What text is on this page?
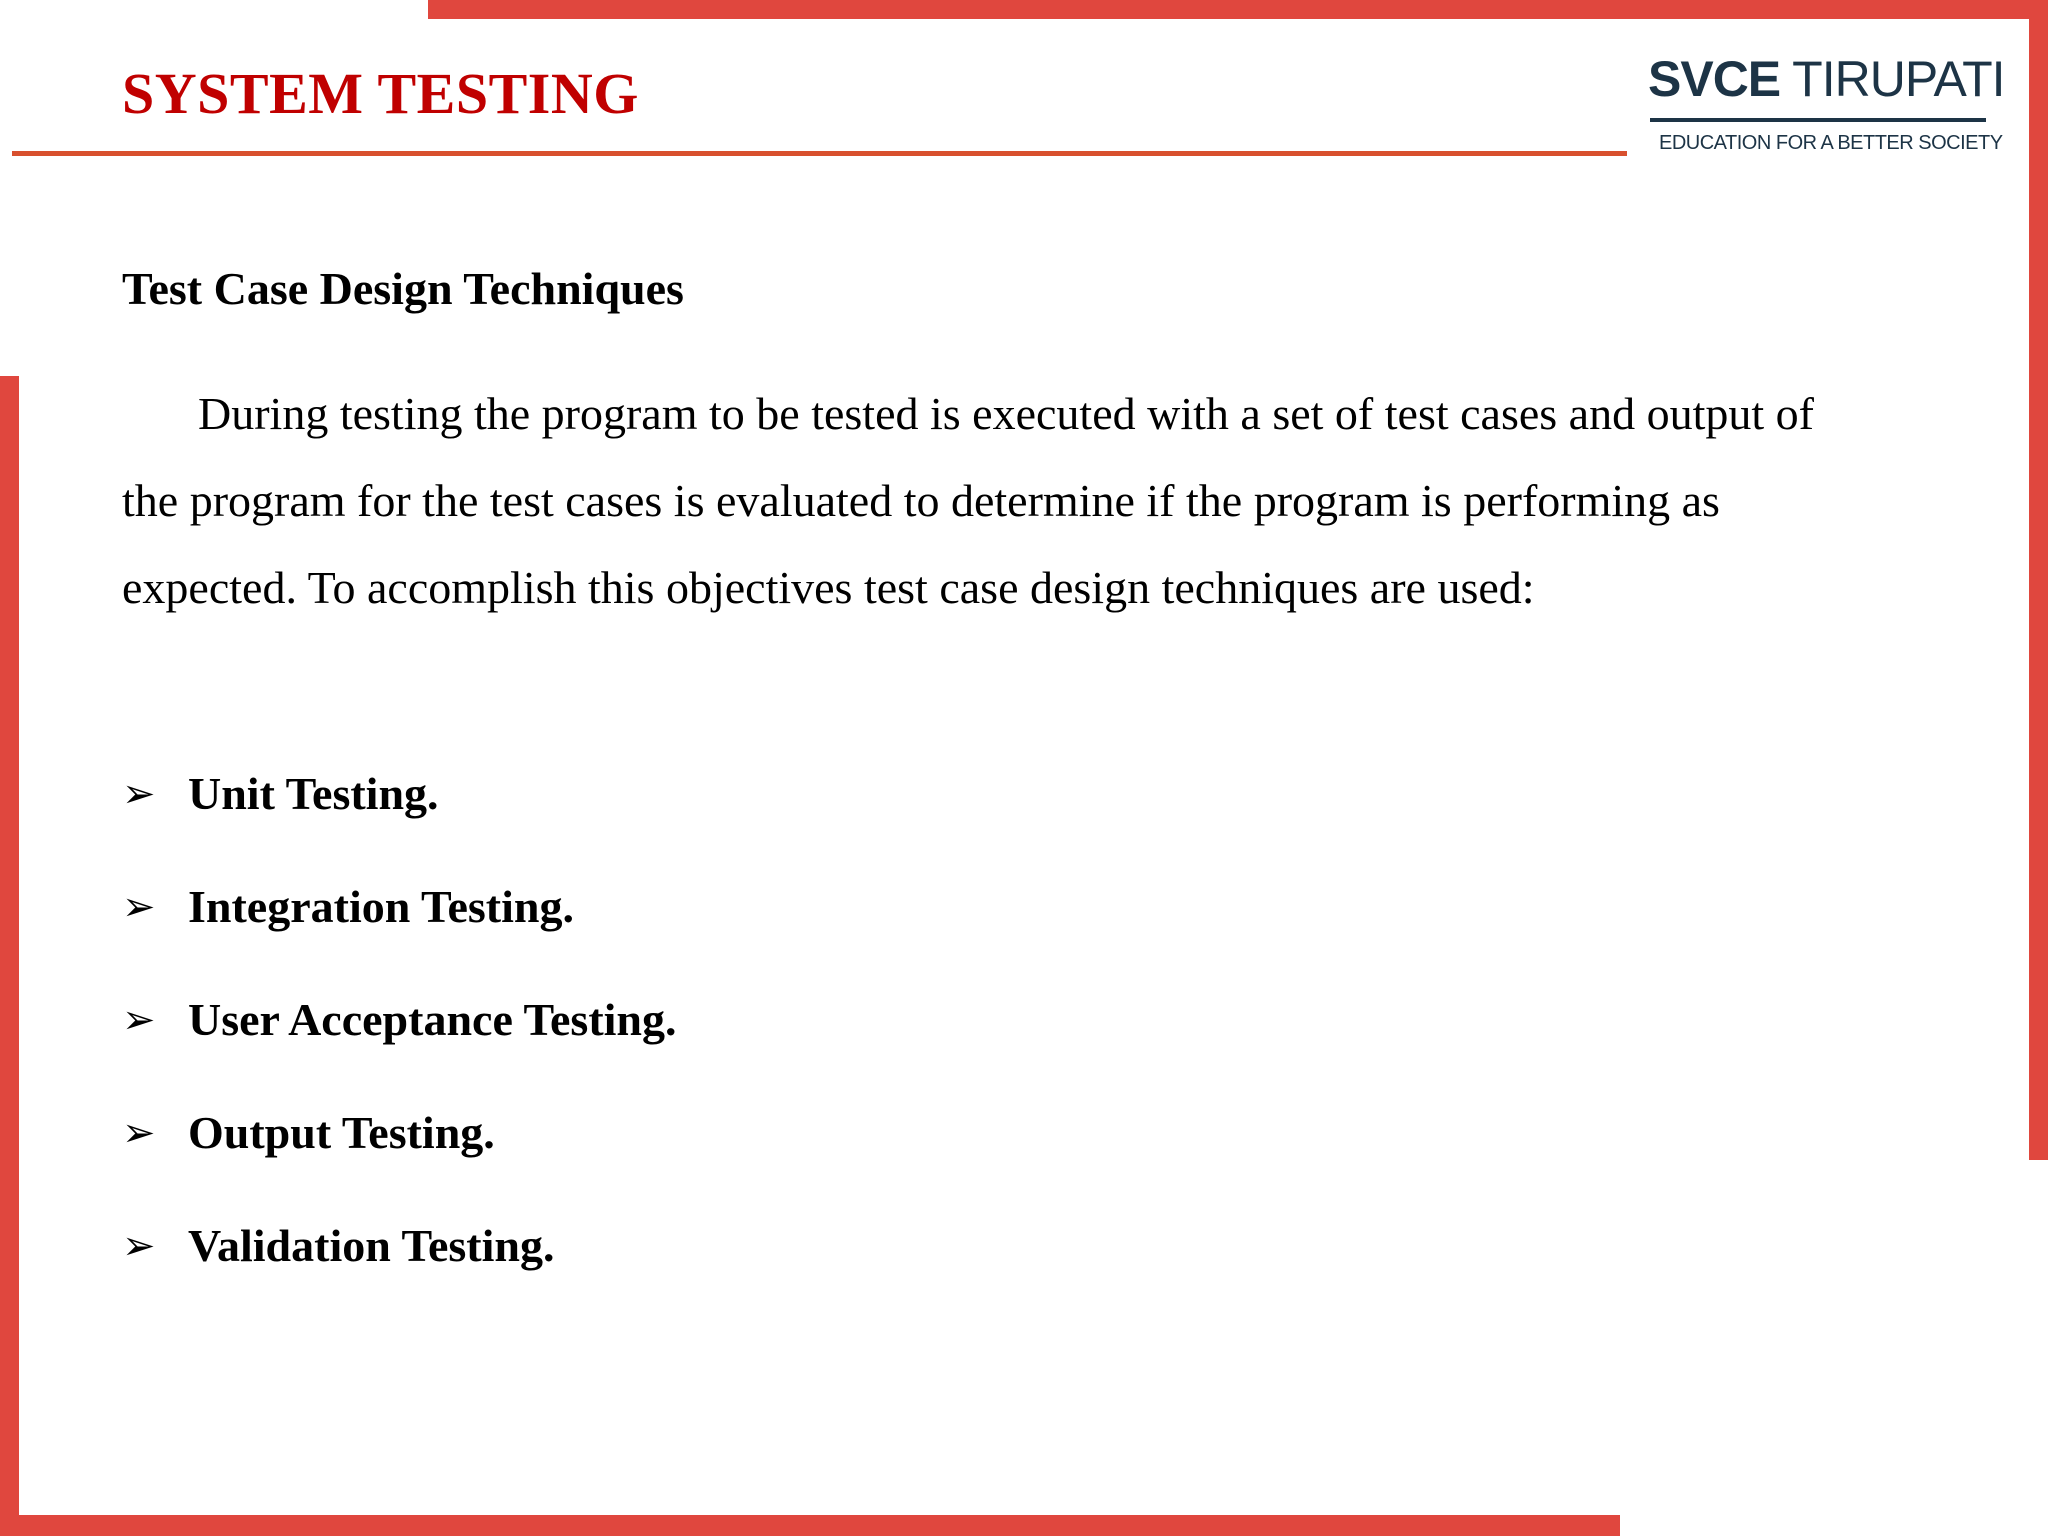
SYSTEM TESTING	SVCE TIRUPATI
EDUCATION FOR A BETTER SOCIETY
Test Case Design Techniques

During testing the program to be tested is executed with a set of test cases and output of
the program for the test cases is evaluated to determine if the program is performing as
expected. To accomplish this objectives test case design techniques are used:

➢ Unit Testing.
➢ Integration Testing.
➢ User Acceptance Testing.
➢ Output Testing.
➢ Validation Testing.
